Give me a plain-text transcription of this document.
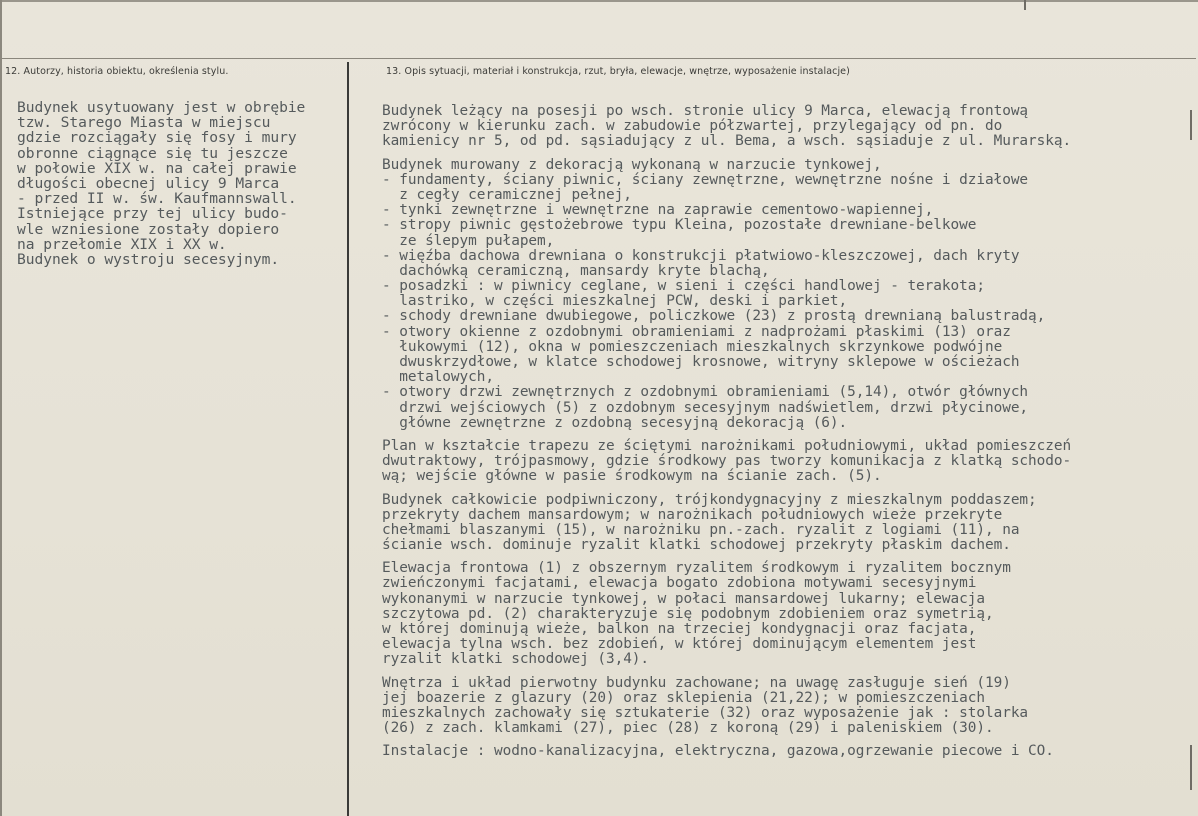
12. Autorzy, historia obiektu, określenia stylu.	13. Opis sytuacji, materiał i konstrukcja, rzut, bryła, elewacje, wnętrze, wyposażenie instalacje)
Budynek usytuowany jest w obrębie
tzw. Starego Miasta w miejscu
gdzie rozciągały się fosy i mury
obronne ciągnące się tu jeszcze
w połowie XIX w. na całej prawie
długości obecnej ulicy 9 Marca
- przed II w. św. Kaufmannswall.
Istniejące przy tej ulicy budo-
wle wzniesione zostały dopiero
na przełomie XIX i XX w.
Budynek o wystroju secesyjnym.
Budynek leżący na posesji po wsch. stronie ulicy 9 Marca, elewacją frontową
zwrócony w kierunku zach. w zabudowie półzwartej, przylegający od pn. do
kamienicy nr 5, od pd. sąsiadujący z ul. Bema, a wsch. sąsiaduje z ul. Murarską.
Budynek murowany z dekoracją wykonaną w narzucie tynkowej,
- fundamenty, ściany piwnic, ściany zewnętrzne, wewnętrzne nośne i działowe
z cegły ceramicznej pełnej,
- tynki zewnętrzne i wewnętrzne na zaprawie cementowo-wapiennej,
- stropy piwnic gęstożebrowe typu Kleina, pozostałe drewniane-belkowe
ze ślepym pułapem,
- więźba dachowa drewniana o konstrukcji płatwiowo-kleszczowej, dach kryty
dachówką ceramiczną, mansardy kryte blachą,
- posadzki : w piwnicy ceglane, w sieni i części handlowej - terakota;
lastriko, w części mieszkalnej PCW, deski i parkiet,
- schody drewniane dwubiegowe, policzkowe (23) z prostą drewnianą balustradą,
- otwory okienne z ozdobnymi obramieniami z nadprożami płaskimi (13) oraz
łukowymi (12), okna w pomieszczeniach mieszkalnych skrzynkowe podwójne
dwuskrzydłowe, w klatce schodowej krosnowe, witryny sklepowe w ościeżach
metalowych,
- otwory drzwi zewnętrznych z ozdobnymi obramieniami (5,14), otwór głównych
drzwi wejściowych (5) z ozdobnym secesyjnym nadświetlem, drzwi płycinowe,
główne zewnętrzne z ozdobną secesyjną dekoracją (6).
Plan w kształcie trapezu ze ściętymi narożnikami południowymi, układ pomieszczeń
dwutraktowy, trójpasmowy, gdzie środkowy pas tworzy komunikacja z klatką schodo-
wą; wejście główne w pasie środkowym na ścianie zach. (5).
Budynek całkowicie podpiwniczony, trójkondygnacyjny z mieszkalnym poddaszem;
przekryty dachem mansardowym; w narożnikach południowych wieże przekryte
chełmami blaszanymi (15), w narożniku pn.-zach. ryzalit z logiami (11), na
ścianie wsch. dominuje ryzalit klatki schodowej przekryty płaskim dachem.
Elewacja frontowa (1) z obszernym ryzalitem środkowym i ryzalitem bocznym
zwieńczonymi facjatami, elewacja bogato zdobiona motywami secesyjnymi
wykonanymi w narzucie tynkowej, w połaci mansardowej lukarny; elewacja
szczytowa pd. (2) charakteryzuje się podobnym zdobieniem oraz symetrią,
w której dominują wieże, balkon na trzeciej kondygnacji oraz facjata,
elewacja tylna wsch. bez zdobień, w której dominującym elementem jest
ryzalit klatki schodowej (3,4).
Wnętrza i układ pierwotny budynku zachowane; na uwagę zasługuje sień (19)
jej boazerie z glazury (20) oraz sklepienia (21,22); w pomieszczeniach
mieszkalnych zachowały się sztukaterie (32) oraz wyposażenie jak : stolarka
(26) z zach. klamkami (27), piec (28) z koroną (29) i paleniskiem (30).
Instalacje : wodno-kanalizacyjna, elektryczna, gazowa,ogrzewanie piecowe i CO.
